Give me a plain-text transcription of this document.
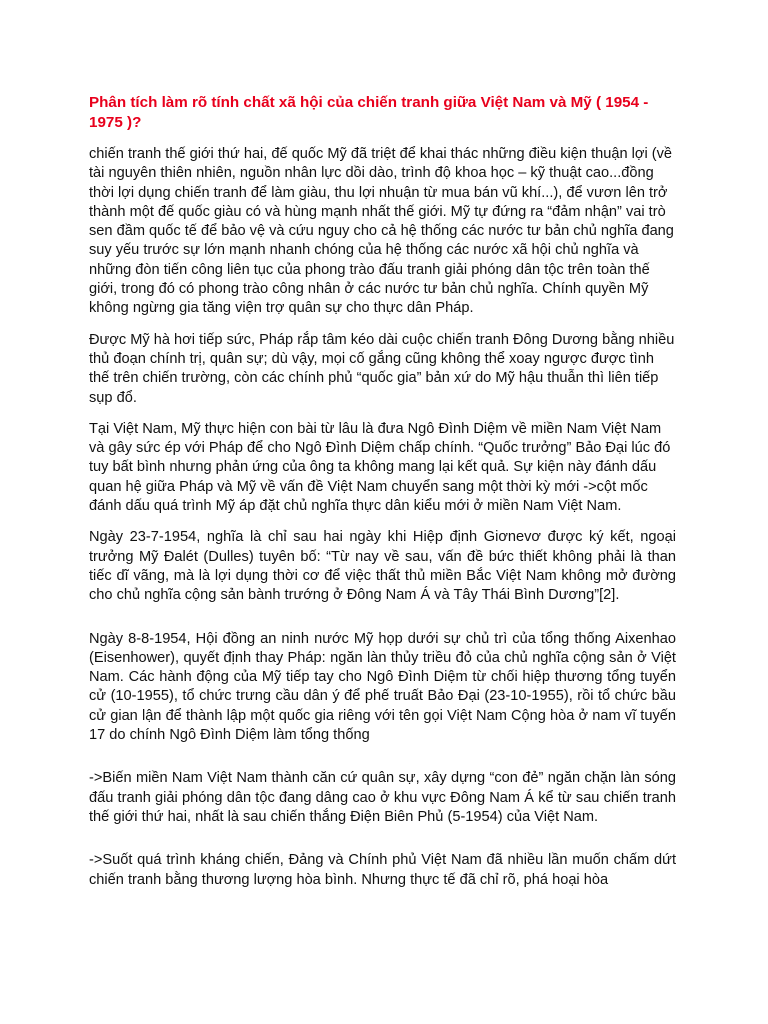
Phân tích làm rõ tính chất xã hội của chiến tranh giữa Việt Nam và Mỹ ( 1954 - 1975 )?

chiến tranh thế giới thứ hai, đế quốc Mỹ đã triệt để khai thác những điều kiện thuận lợi (về tài nguyên thiên nhiên, nguồn nhân lực dồi dào, trình độ khoa học – kỹ thuật cao...đồng thời lợi dụng chiến tranh để làm giàu, thu lợi nhuận từ mua bán vũ khí...), để vươn lên trở thành một đế quốc giàu có và hùng mạnh nhất thế giới. Mỹ tự đứng ra “đảm nhận” vai trò sen đầm quốc tế để bảo vệ và cứu nguy cho cả hệ thống các nước tư bản chủ nghĩa đang suy yếu trước sự lớn mạnh nhanh chóng của hệ thống các nước xã hội chủ nghĩa và những đòn tiến công liên tục của phong trào đấu tranh giải phóng dân tộc trên toàn thế giới, trong đó có phong trào công nhân ở các nước tư bản chủ nghĩa. Chính quyền Mỹ không ngừng gia tăng viện trợ quân sự cho thực dân Pháp.

Được Mỹ hà hơi tiếp sức, Pháp rắp tâm kéo dài cuộc chiến tranh Đông Dương bằng nhiều thủ đoạn chính trị, quân sự; dù vậy, mọi cố gắng cũng không thể xoay ngược được tình thế trên chiến trường, còn các chính phủ “quốc gia” bản xứ do Mỹ hậu thuẫn thì liên tiếp sụp đổ.

Tại Việt Nam, Mỹ thực hiện con bài từ lâu là đưa Ngô Đình Diệm về miền Nam Việt Nam và gây sức ép với Pháp để cho Ngô Đình Diệm chấp chính. “Quốc trưởng” Bảo Đại lúc đó tuy bất bình nhưng phản ứng của ông ta không mang lại kết quả. Sự kiện này đánh dấu quan hệ giữa Pháp và Mỹ về vấn đề Việt Nam chuyển sang một thời kỳ mới ->cột mốc đánh dấu quá trình Mỹ áp đặt chủ nghĩa thực dân kiểu mới ở miền Nam Việt Nam.

Ngày 23-7-1954, nghĩa là chỉ sau hai ngày khi Hiệp định Giơnevơ được ký kết, ngoại trưởng Mỹ Đalét (Dulles) tuyên bố: “Từ nay về sau, vấn đề bức thiết không phải là than tiếc dĩ vãng, mà là lợi dụng thời cơ để việc thất thủ miền Bắc Việt Nam không mở đường cho chủ nghĩa cộng sản bành trướng ở Đông Nam Á và Tây Thái Bình Dương”[2].

Ngày 8-8-1954, Hội đồng an ninh nước Mỹ họp dưới sự chủ trì của tổng thống Aixenhao (Eisenhower), quyết định thay Pháp: ngăn làn thủy triều đỏ của chủ nghĩa cộng sản ở Việt Nam. Các hành động của Mỹ tiếp tay cho Ngô Đình Diệm từ chối hiệp thương tổng tuyển cử (10-1955), tổ chức trưng cầu dân ý để phế truất Bảo Đại (23-10-1955), rồi tổ chức bầu cử gian lận để thành lập một quốc gia riêng với tên gọi Việt Nam Cộng hòa ở nam vĩ tuyến 17 do chính Ngô Đình Diệm làm tổng thống

->Biến miền Nam Việt Nam thành căn cứ quân sự, xây dựng “con đẻ” ngăn chặn làn sóng đấu tranh giải phóng dân tộc đang dâng cao ở khu vực Đông Nam Á kể từ sau chiến tranh thế giới thứ hai, nhất là sau chiến thắng Điện Biên Phủ (5-1954) của Việt Nam.

->Suốt quá trình kháng chiến, Đảng và Chính phủ Việt Nam đã nhiều lần muốn chấm dứt chiến tranh bằng thương lượng hòa bình. Nhưng thực tế đã chỉ rõ, phá hoại hòa
